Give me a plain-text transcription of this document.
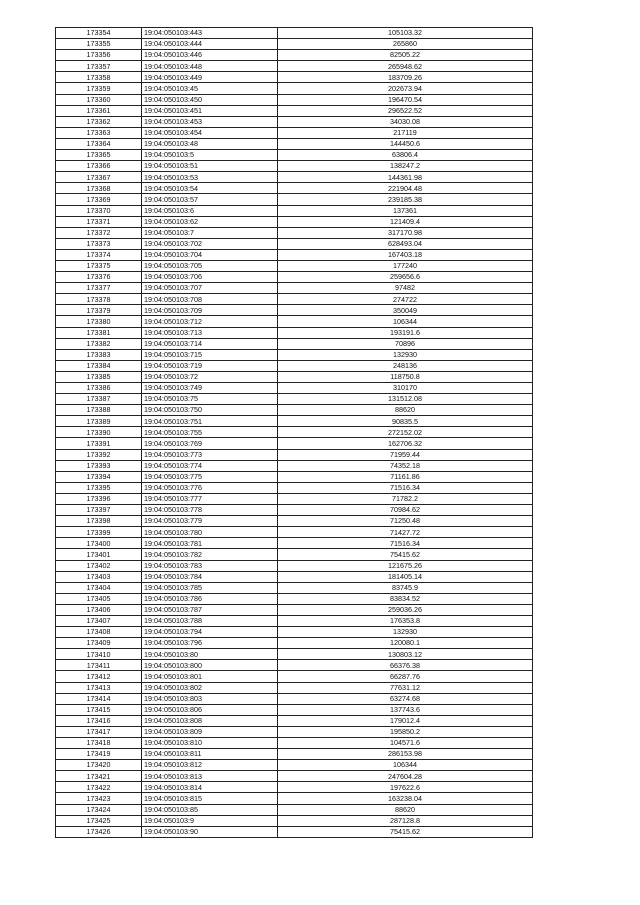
173354	19:04:050103:443	105103.32
173355	19:04:050103:444	265860
173356	19:04:050103:446	82505.22
173357	19:04:050103:448	265948.62
173358	19:04:050103:449	183709.26
173359	19:04:050103:45	202673.94
173360	19:04:050103:450	196470.54
173361	19:04:050103:451	296522.52
173362	19:04:050103:453	34030.08
173363	19:04:050103:454	217119
173364	19:04:050103:48	144450.6
173365	19:04:050103:5	63806.4
173366	19:04:050103:51	138247.2
173367	19:04:050103:53	144361.98
173368	19:04:050103:54	221904.48
173369	19:04:050103:57	239185.38
173370	19:04:050103:6	137361
173371	19:04:050103:62	121409.4
173372	19:04:050103:7	317170.98
173373	19:04:050103:702	628493.04
173374	19:04:050103:704	167403.18
173375	19:04:050103:705	177240
173376	19:04:050103:706	259656.6
173377	19:04:050103:707	97482
173378	19:04:050103:708	274722
173379	19:04:050103:709	350049
173380	19:04:050103:712	106344
173381	19:04:050103:713	193191.6
173382	19:04:050103:714	70896
173383	19:04:050103:715	132930
173384	19:04:050103:719	248136
173385	19:04:050103:72	118750.8
173386	19:04:050103:749	310170
173387	19:04:050103:75	131512.08
173388	19:04:050103:750	88620
173389	19:04:050103:751	90835.5
173390	19:04:050103:755	272152.02
173391	19:04:050103:769	162706.32
173392	19:04:050103:773	71959.44
173393	19:04:050103:774	74352.18
173394	19:04:050103:775	71161.86
173395	19:04:050103:776	71516.34
173396	19:04:050103:777	71782.2
173397	19:04:050103:778	70984.62
173398	19:04:050103:779	71250.48
173399	19:04:050103:780	71427.72
173400	19:04:050103:781	71516.34
173401	19:04:050103:782	75415.62
173402	19:04:050103:783	121675.26
173403	19:04:050103:784	181405.14
173404	19:04:050103:785	83745.9
173405	19:04:050103:786	83834.52
173406	19:04:050103:787	259036.26
173407	19:04:050103:788	176353.8
173408	19:04:050103:794	132930
173409	19:04:050103:796	120080.1
173410	19:04:050103:80	130803.12
173411	19:04:050103:800	66376.38
173412	19:04:050103:801	66287.76
173413	19:04:050103:802	77631.12
173414	19:04:050103:803	63274.68
173415	19:04:050103:806	137743.6
173416	19:04:050103:808	179012.4
173417	19:04:050103:809	195850.2
173418	19:04:050103:810	104571.6
173419	19:04:050103:811	286153.98
173420	19:04:050103:812	106344
173421	19:04:050103:813	247604.28
173422	19:04:050103:814	197622.6
173423	19:04:050103:815	163238.04
173424	19:04:050103:85	88620
173425	19:04:050103:9	287128.8
173426	19:04:050103:90	75415.62
